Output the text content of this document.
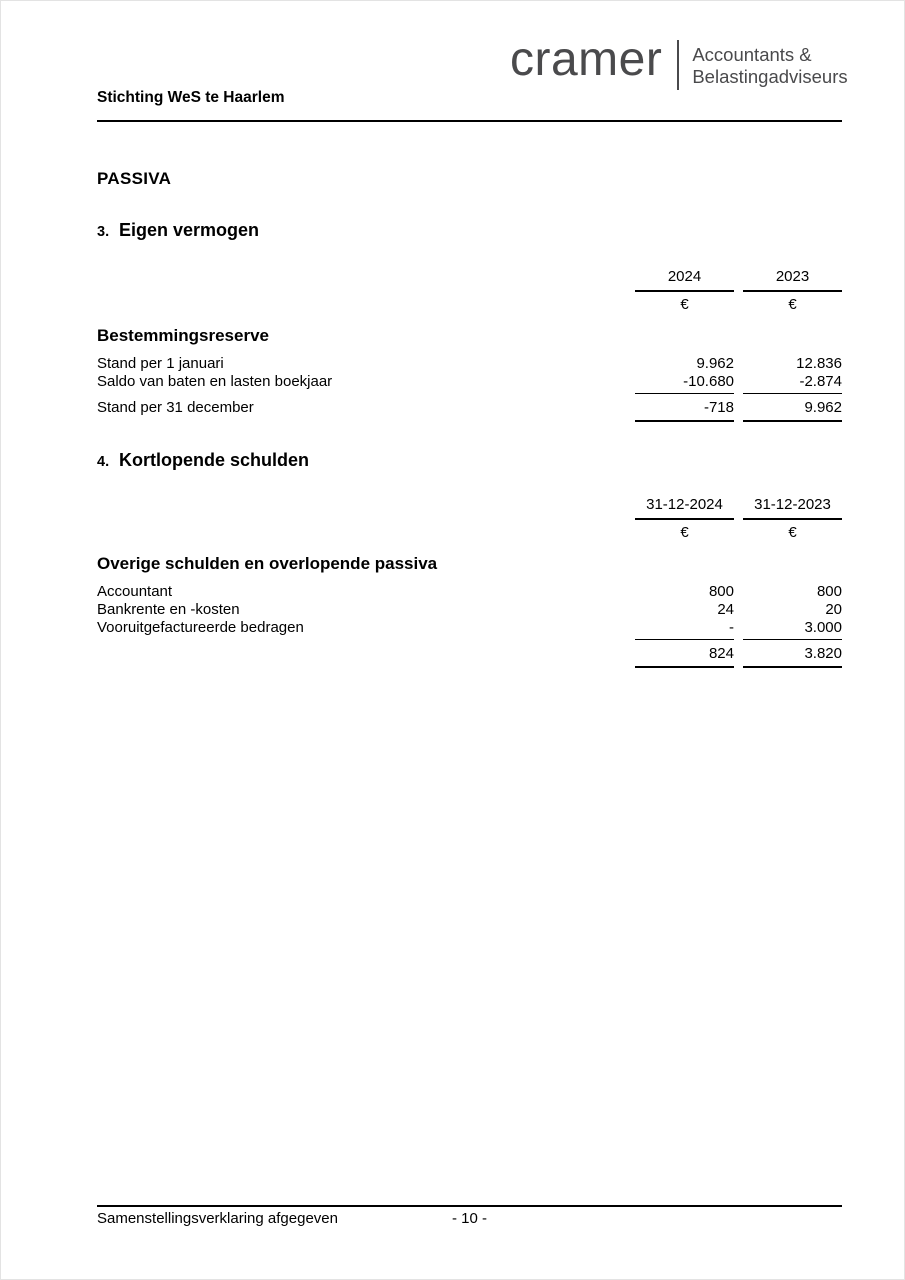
cramer Accountants &
Belastingadviseurs
Stichting WeS te Haarlem
PASSIVA
3. Eigen vermogen
2024	2023
€	€
Bestemmingsreserve
Stand per 1 januari	9.962	12.836
Saldo van baten en lasten boekjaar	-10.680	-2.874
Stand per 31 december	-718	9.962
4. Kortlopende schulden
31-12-2024	31-12-2023
€	€
Overige schulden en overlopende passiva
Accountant	800	800
Bankrente en -kosten	24	20
Vooruitgefactureerde bedragen	-	3.000
824	3.820
Samenstellingsverklaring afgegeven	- 10 -
